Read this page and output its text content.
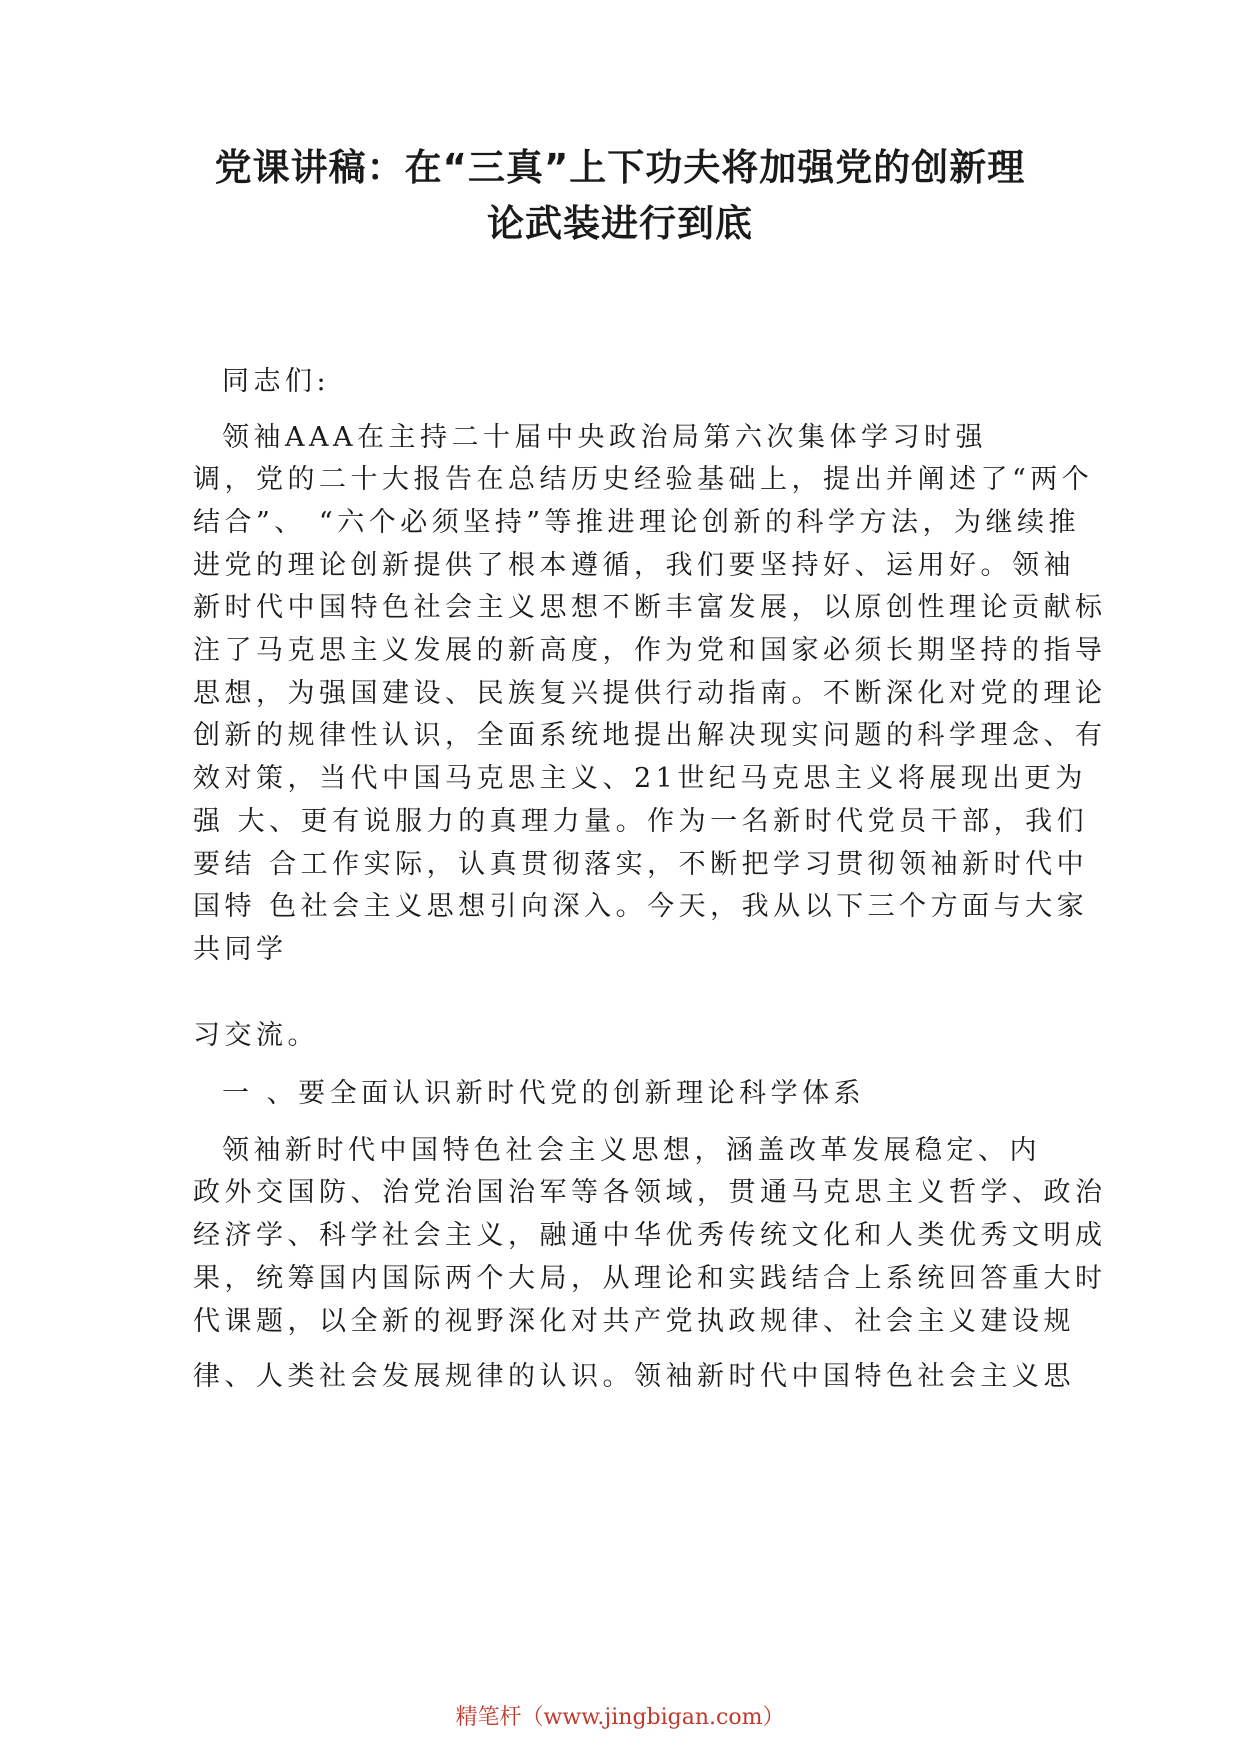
党课讲稿：在“三真”上下功夫将加强党的创新理
论武装进行到底
同志们:
领袖AAA在主持二十届中央政治局第六次集体学习时强
调，党的二十大报告在总结历史经验基础上，提出并阐述了“两个
结合”、 “六个必须坚持”等推进理论创新的科学方法，为继续推
进党的理论创新提供了根本遵循，我们要坚持好、运用好。领袖
新时代中国特色社会主义思想不断丰富发展，以原创性理论贡献标
注了马克思主义发展的新高度，作为党和国家必须长期坚持的指导
思想，为强国建设、民族复兴提供行动指南。不断深化对党的理论
创新的规律性认识，全面系统地提出解决现实问题的科学理念、有
效对策，当代中国马克思主义、21世纪马克思主义将展现出更为
强 大、更有说服力的真理力量。作为一名新时代党员干部，我们
要结 合工作实际，认真贯彻落实，不断把学习贯彻领袖新时代中
国特 色社会主义思想引向深入。今天，我从以下三个方面与大家
共同学
习交流。
一 、要全面认识新时代党的创新理论科学体系
领袖新时代中国特色社会主义思想，涵盖改革发展稳定、内
政外交国防、治党治国治军等各领域，贯通马克思主义哲学、政治
经济学、科学社会主义，融通中华优秀传统文化和人类优秀文明成
果，统筹国内国际两个大局，从理论和实践结合上系统回答重大时
代课题，以全新的视野深化对共产党执政规律、社会主义建设规
律、人类社会发展规律的认识。领袖新时代中国特色社会主义思
精笔杆（www.jingbigan.com）
